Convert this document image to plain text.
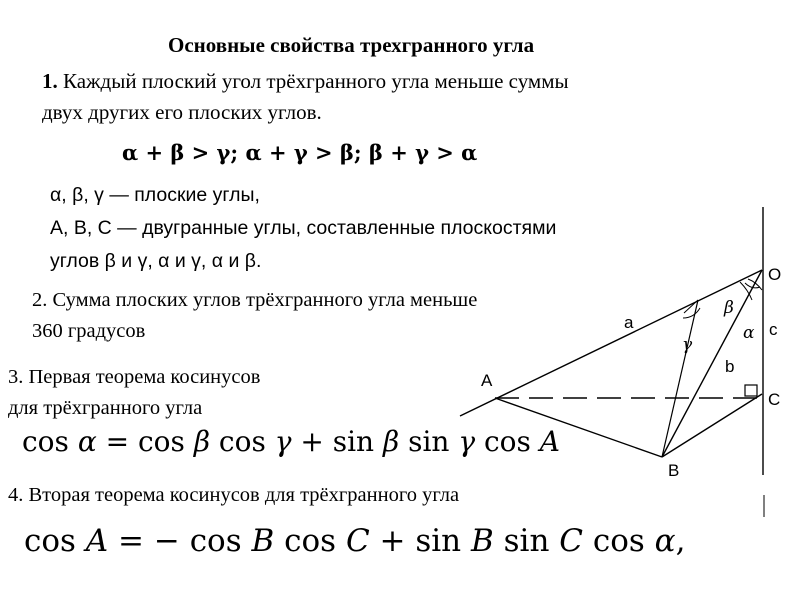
Основные свойства трехгранного угла
1. Каждый плоский угол трёхгранного угла меньше суммы
двух других его плоских углов.
α + β > γ; α + γ > β; β + γ > α
α, β, γ — плоские углы,
A, B, C — двугранные углы, составленные плоскостями
углов β и γ, α и γ, α и β.
2. Сумма плоских углов трёхгранного угла меньше
360 градусов
3. Первая теорема косинусов
для трёхгранного угла
cos α = cos β cos γ + sin β sin γ cos A
4. Вторая теорема косинусов для трёхгранного угла
cos A = − cos B cos C + sin B sin C cos α,
O
A
B
C
a
b
c
β
γ
α
